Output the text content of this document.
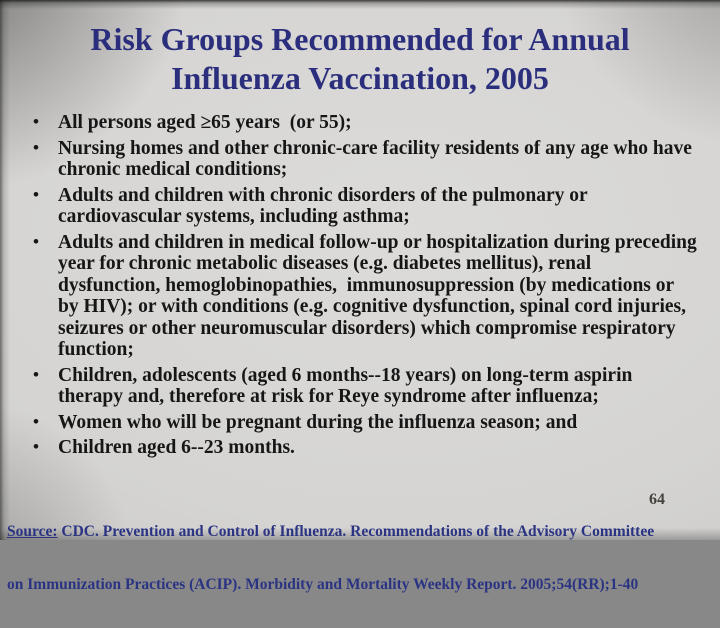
Risk Groups Recommended for Annual
Influenza Vaccination, 2005
• All persons aged ≥65 years  (or 55);
• Nursing homes and other chronic-care facility residents of any age who have chronic medical conditions;
• Adults and children with chronic disorders of the pulmonary or cardiovascular systems, including asthma;
• Adults and children in medical follow-up or hospitalization during preceding year for chronic metabolic diseases (e.g. diabetes mellitus), renal dysfunction, hemoglobinopathies,  immunosuppression (by medications or by HIV); or with conditions (e.g. cognitive dysfunction, spinal cord injuries, seizures or other neuromuscular disorders) which compromise respiratory function;
• Children, adolescents (aged 6 months--18 years) on long-term aspirin therapy and, therefore at risk for Reye syndrome after influenza;
• Women who will be pregnant during the influenza season; and
• Children aged 6--23 months.

Source: CDC. Prevention and Control of Influenza. Recommendations of the Advisory Committee

on Immunization Practices (ACIP). Morbidity and Mortality Weekly Report. 2005;54(RR);1-40

64
